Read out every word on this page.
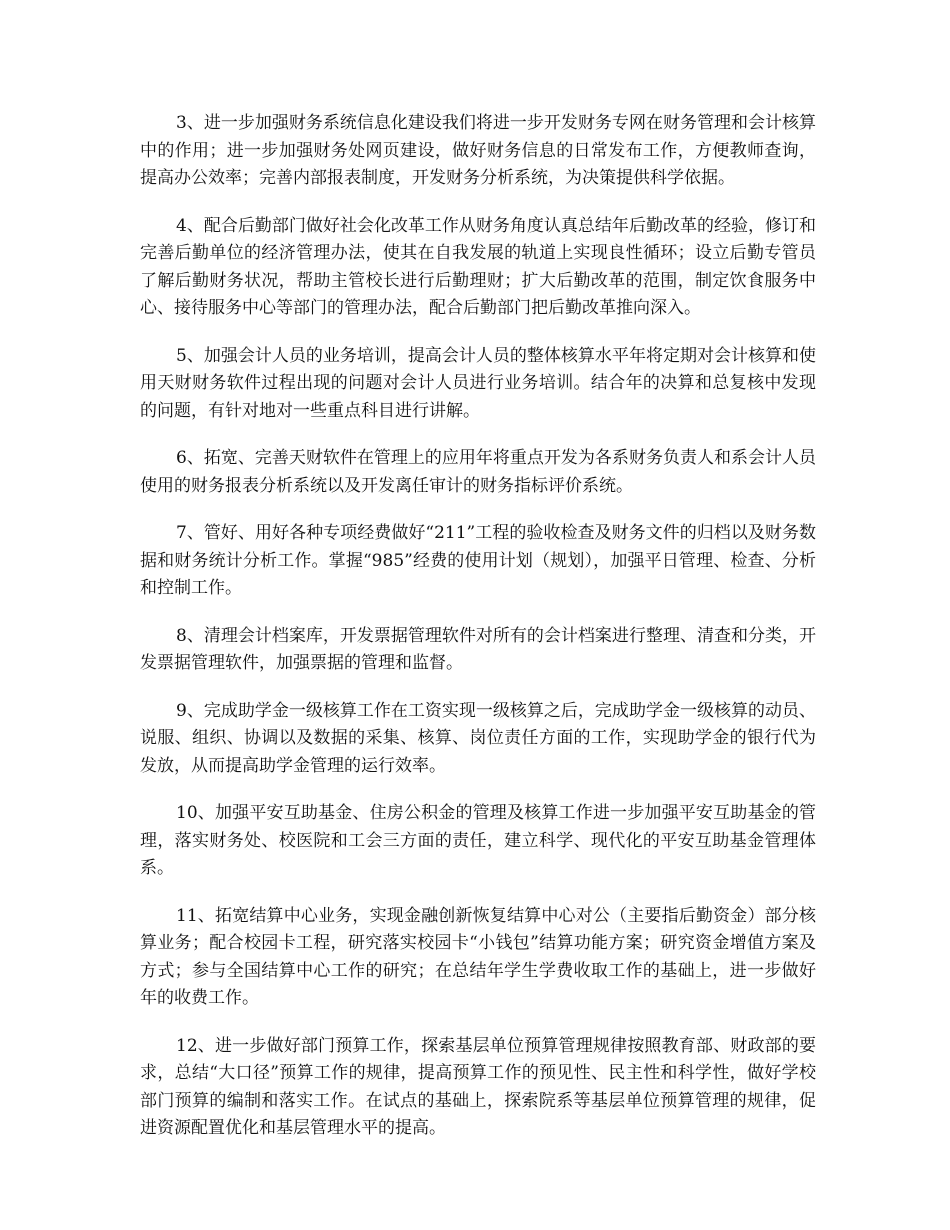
3、进一步加强财务系统信息化建设我们将进一步开发财务专网在财务管理和会计核算中的作用；进一步加强财务处网页建设，做好财务信息的日常发布工作，方便教师查询，提高办公效率；完善内部报表制度，开发财务分析系统，为决策提供科学依据。

4、配合后勤部门做好社会化改革工作从财务角度认真总结年后勤改革的经验，修订和完善后勤单位的经济管理办法，使其在自我发展的轨道上实现良性循环；设立后勤专管员了解后勤财务状况，帮助主管校长进行后勤理财；扩大后勤改革的范围，制定饮食服务中心、接待服务中心等部门的管理办法，配合后勤部门把后勤改革推向深入。

5、加强会计人员的业务培训，提高会计人员的整体核算水平年将定期对会计核算和使用天财财务软件过程出现的问题对会计人员进行业务培训。结合年的决算和总复核中发现的问题，有针对地对一些重点科目进行讲解。

6、拓宽、完善天财软件在管理上的应用年将重点开发为各系财务负责人和系会计人员使用的财务报表分析系统以及开发离任审计的财务指标评价系统。

7、管好、用好各种专项经费做好“211”工程的验收检查及财务文件的归档以及财务数据和财务统计分析工作。掌握“985”经费的使用计划（规划），加强平日管理、检查、分析和控制工作。

8、清理会计档案库，开发票据管理软件对所有的会计档案进行整理、清查和分类，开发票据管理软件，加强票据的管理和监督。

9、完成助学金一级核算工作在工资实现一级核算之后，完成助学金一级核算的动员、说服、组织、协调以及数据的采集、核算、岗位责任方面的工作，实现助学金的银行代为发放，从而提高助学金管理的运行效率。

10、加强平安互助基金、住房公积金的管理及核算工作进一步加强平安互助基金的管理，落实财务处、校医院和工会三方面的责任，建立科学、现代化的平安互助基金管理体系。

11、拓宽结算中心业务，实现金融创新恢复结算中心对公（主要指后勤资金）部分核算业务；配合校园卡工程，研究落实校园卡“小钱包”结算功能方案；研究资金增值方案及方式；参与全国结算中心工作的研究；在总结年学生学费收取工作的基础上，进一步做好年的收费工作。

12、进一步做好部门预算工作，探索基层单位预算管理规律按照教育部、财政部的要求，总结“大口径”预算工作的规律，提高预算工作的预见性、民主性和科学性，做好学校部门预算的编制和落实工作。在试点的基础上，探索院系等基层单位预算管理的规律，促进资源配置优化和基层管理水平的提高。
